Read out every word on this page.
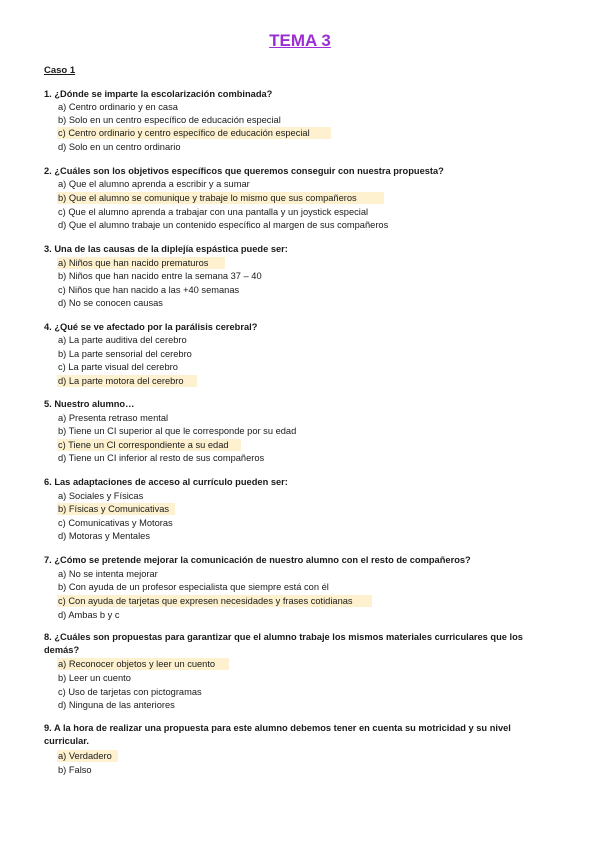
TEMA 3
Caso 1
1. ¿Dónde se imparte la escolarización combinada?
a) Centro ordinario y en casa
b) Solo en un centro específico de educación especial
c) Centro ordinario y centro específico de educación especial
d) Solo en un centro ordinario
2. ¿Cuáles son los objetivos específicos que queremos conseguir con nuestra propuesta?
a) Que el alumno aprenda a escribir y a sumar
b) Que el alumno se comunique y trabaje lo mismo que sus compañeros
c) Que el alumno aprenda a trabajar con una pantalla y un joystick especial
d) Que el alumno trabaje un contenido específico al margen de sus compañeros
3. Una de las causas de la diplejía espástica puede ser:
a) Niños que han nacido prematuros
b) Niños que han nacido entre la semana 37 – 40
c) Niños que han nacido a las +40 semanas
d) No se conocen causas
4. ¿Qué se ve afectado por la parálisis cerebral?
a) La parte auditiva del cerebro
b) La parte sensorial del cerebro
c) La parte visual del cerebro
d) La parte motora del cerebro
5. Nuestro alumno…
a) Presenta retraso mental
b) Tiene un CI superior al que le corresponde por su edad
c) Tiene un CI correspondiente a su edad
d) Tiene un CI inferior al resto de sus compañeros
6. Las adaptaciones de acceso al currículo pueden ser:
a) Sociales y Físicas
b) Físicas y Comunicativas
c) Comunicativas y Motoras
d) Motoras y Mentales
7. ¿Cómo se pretende mejorar la comunicación de nuestro alumno con el resto de compañeros?
a) No se intenta mejorar
b) Con ayuda de un profesor especialista que siempre está con él
c) Con ayuda de tarjetas que expresen necesidades y frases cotidianas
d) Ambas b y c
8. ¿Cuáles son propuestas para garantizar que el alumno trabaje los mismos materiales curriculares que los demás?
a) Reconocer objetos y leer un cuento
b) Leer un cuento
c) Uso de tarjetas con pictogramas
d) Ninguna de las anteriores
9. A la hora de realizar una propuesta para este alumno debemos tener en cuenta su motricidad y su nivel curricular.
a) Verdadero
b) Falso
